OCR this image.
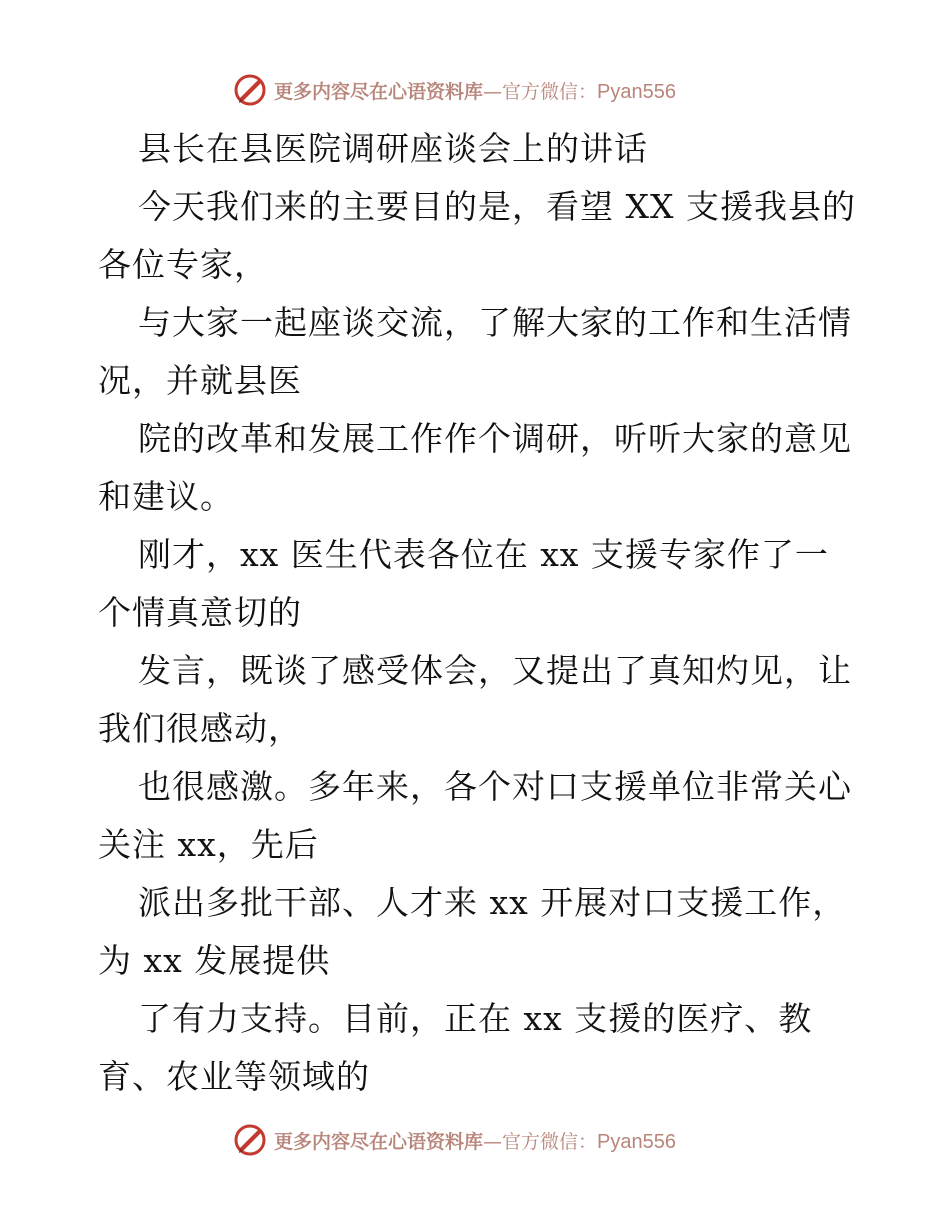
更多内容尽在心语资料库—官方微信：Pyan556
县长在县医院调研座谈会上的讲话
今天我们来的主要目的是，看望 XX 支援我县的
各位专家，
与大家一起座谈交流，了解大家的工作和生活情
况，并就县医
院的改革和发展工作作个调研，听听大家的意见
和建议。
刚才，xx 医生代表各位在 xx 支援专家作了一
个情真意切的
发言，既谈了感受体会，又提出了真知灼见，让
我们很感动，
也很感激。多年来，各个对口支援单位非常关心
关注 xx，先后
派出多批干部、人才来 xx 开展对口支援工作，
为 xx 发展提供
了有力支持。目前，正在 xx 支援的医疗、教
育、农业等领域的
更多内容尽在心语资料库—官方微信：Pyan556
